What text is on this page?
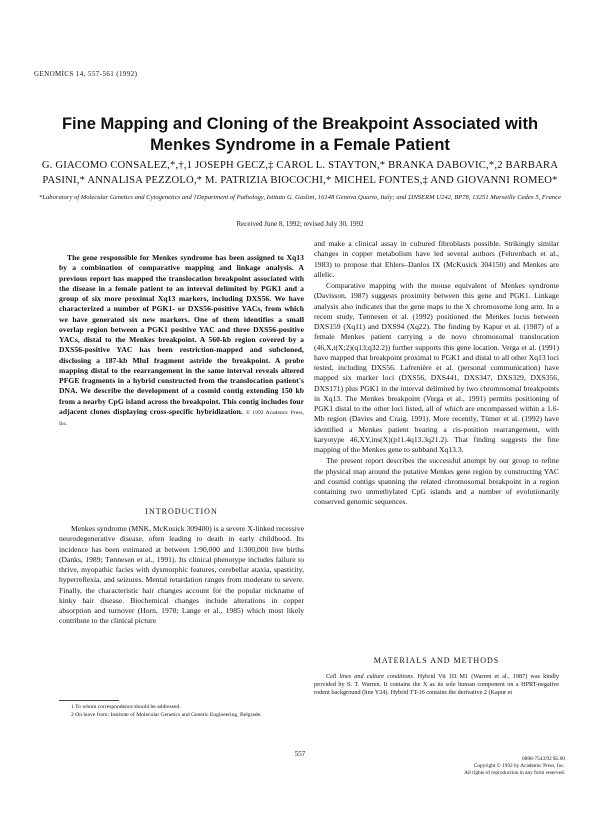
GENOMICS 14, 557-561 (1992)
Fine Mapping and Cloning of the Breakpoint Associated with Menkes Syndrome in a Female Patient
G. GIACOMO CONSALEZ,*,†,1 JOSEPH GECZ,‡ CAROL L. STAYTON,* BRANKA DABOVIC,*,2 BARBARA PASINI,* ANNALISA PEZZOLO,* M. PATRIZIA BIOCOCHI,* MICHEL FONTES,‡ AND GIOVANNI ROMEO*
*Laboratory of Molecular Genetics and Cytogenetics and †Department of Pathology, Istituto G. Gaslini, 16148 Genova Quarto, Italy; and ‡INSERM U242, BP78, 13251 Marseille Cedex 5, France
Received June 8, 1992; revised July 30, 1992

The gene responsible for Menkes syndrome has been assigned to Xq13 by a combination of comparative mapping and linkage analysis. A previous report has mapped the translocation breakpoint associated with the disease in a female patient to an interval delimited by PGK1 and a group of six more proximal Xq13 markers, including DXS56. We have characterized a number of PGK1- or DXS56-positive YACs, from which we have generated six new markers. One of them identifies a small overlap region between a PGK1 positive YAC and three DXS56-positive YACs, distal to the Menkes breakpoint. A 560-kb region covered by a DXS56-positive YAC has been restriction-mapped and subcloned, disclosing a 187-kb MluI fragment astride the breakpoint. A probe mapping distal to the rearrangement in the same interval reveals altered PFGE fragments in a hybrid constructed from the translocation patient's DNA. We describe the development of a cosmid contig extending 150 kb from a nearby CpG island across the breakpoint. This contig includes four adjacent clones displaying cross-specific hybridization. © 1992 Academic Press, Inc.

INTRODUCTION

Menkes syndrome (MNK, McKusick 309400) is a severe X-linked recessive neurodegenerative disease, often leading to death in early childhood. Its incidence has been estimated at between 1:90,000 and 1:300,000 live births (Danks, 1989; Tønnesen et al., 1991). Its clinical phenotype includes failure to thrive, myopathic facies with dysmorphic features, cerebellar ataxia, spasticity, hyperreflexia, and seizures. Mental retardation ranges from moderate to severe. Finally, the characteristic hair changes account for the popular nickname of kinky hair disease. Biochemical changes include alterations in copper absorption and turnover (Horn, 1978; Lange et al., 1985) which most likely contribute to the clinical picture

1 To whom correspondence should be addressed.

2 On leave from: Institute of Molecular Genetics and Genetic Engineering, Belgrade.

and make a clinical assay in cultured fibroblasts possible. Strikingly similar changes in copper metabolism have led several authors (Fehrenbach et al., 1983) to propose that Ehlers–Danlos IX (McKusick 304150) and Menkes are allelic.

Comparative mapping with the mouse equivalent of Menkes syndrome (Davisson, 1987) suggests proximity between this gene and PGK1. Linkage analysis also indicates that the gene maps to the X chromosome long arm. In a recent study, Tønnesen et al. (1992) positioned the Menkes locus between DXS159 (Xq11) and DXS94 (Xq22). The finding by Kapur et al. (1987) of a female Menkes patient carrying a de novo chromosomal translocation (46,X,t(X;2)(q13;q32.2)) further supports this gene location. Verga et al. (1991) have mapped that breakpoint proximal to PGK1 and distal to all other Xq13 loci tested, including DXS56. Lafrenière et al. (personal communication) have mapped six marker loci (DXS56, DXS441, DXS347, DXS329, DXS356, DXS171) plus PGK1 in the interval delimited by two chromosomal breakpoints in Xq13. The Menkes breakpoint (Verga et al., 1991) permits positioning of PGK1 distal to the other loci listed, all of which are encompassed within a 1.6-Mb region (Davies and Craig, 1991). More recently, Tümer et al. (1992) have identified a Menkes patient bearing a cis-position rearrangement, with karyotype 46,XY,ins(X)(p11.4q13.3q21.2). That finding suggests the fine mapping of the Menkes gene to subband Xq13.3.

The present report describes the successful attempt by our group to refine the physical map around the putative Menkes gene region by constructing YAC and cosmid contigs spanning the related chromosomal breakpoint in a region containing two unmethylated CpG islands and a number of evolutionarily conserved genomic sequences.

MATERIALS AND METHODS

Cell lines and culture conditions. Hybrid Vit 1D M1 (Warren et al., 1987) was kindly provided by S. T. Warren. It contains the X as its sole human component on a HPRT-negative rodent background (line Y24). Hybrid TT-16 contains the derivative 2 (Kapur et

557
0888-7543/92 $5.00
Copyright © 1992 by Academic Press, Inc.
All rights of reproduction in any form reserved.
